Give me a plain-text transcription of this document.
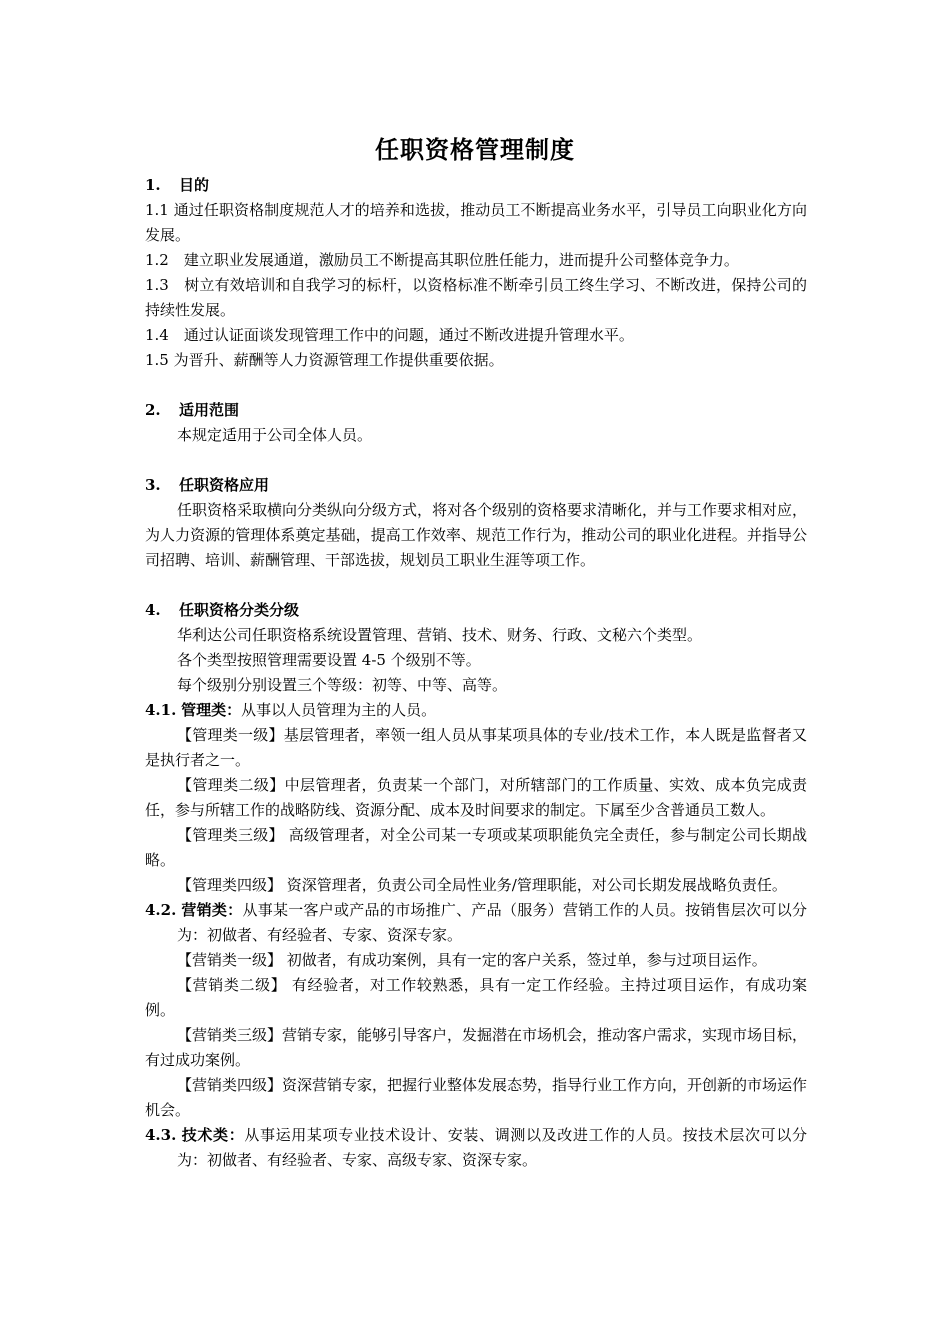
任职资格管理制度

1. 目的

1.1 通过任职资格制度规范人才的培养和选拔，推动员工不断提高业务水平，引导员工向职业化方向发展。

1.2　建立职业发展通道，激励员工不断提高其职位胜任能力，进而提升公司整体竞争力。

1.3　树立有效培训和自我学习的标杆，以资格标准不断牵引员工终生学习、不断改进，保持公司的持续性发展。

1.4　通过认证面谈发现管理工作中的问题，通过不断改进提升管理水平。

1.5 为晋升、薪酬等人力资源管理工作提供重要依据。

2. 适用范围

本规定适用于公司全体人员。

3. 任职资格应用

任职资格采取横向分类纵向分级方式，将对各个级别的资格要求清晰化，并与工作要求相对应，为人力资源的管理体系奠定基础，提高工作效率、规范工作行为，推动公司的职业化进程。并指导公司招聘、培训、薪酬管理、干部选拔，规划员工职业生涯等项工作。

4. 任职资格分类分级

华利达公司任职资格系统设置管理、营销、技术、财务、行政、文秘六个类型。

各个类型按照管理需要设置 4-5 个级别不等。

每个级别分别设置三个等级：初等、中等、高等。

4.1. 管理类：从事以人员管理为主的人员。

【管理类一级】基层管理者，率领一组人员从事某项具体的专业/技术工作，本人既是监督者又是执行者之一。

【管理类二级】中层管理者，负责某一个部门，对所辖部门的工作质量、实效、成本负完成责任，参与所辖工作的战略防线、资源分配、成本及时间要求的制定。下属至少含普通员工数人。

【管理类三级】 高级管理者，对全公司某一专项或某项职能负完全责任，参与制定公司长期战略。

【管理类四级】 资深管理者，负责公司全局性业务/管理职能，对公司长期发展战略负责任。

4.2. 营销类：从事某一客户或产品的市场推广、产品（服务）营销工作的人员。按销售层次可以分为：初做者、有经验者、专家、资深专家。

【营销类一级】 初做者，有成功案例，具有一定的客户关系，签过单，参与过项目运作。

【营销类二级】 有经验者，对工作较熟悉，具有一定工作经验。主持过项目运作，有成功案例。

【营销类三级】营销专家，能够引导客户，发掘潜在市场机会，推动客户需求，实现市场目标，有过成功案例。

【营销类四级】资深营销专家，把握行业整体发展态势，指导行业工作方向，开创新的市场运作机会。

4.3. 技术类：从事运用某项专业技术设计、安装、调测以及改进工作的人员。按技术层次可以分为：初做者、有经验者、专家、高级专家、资深专家。
